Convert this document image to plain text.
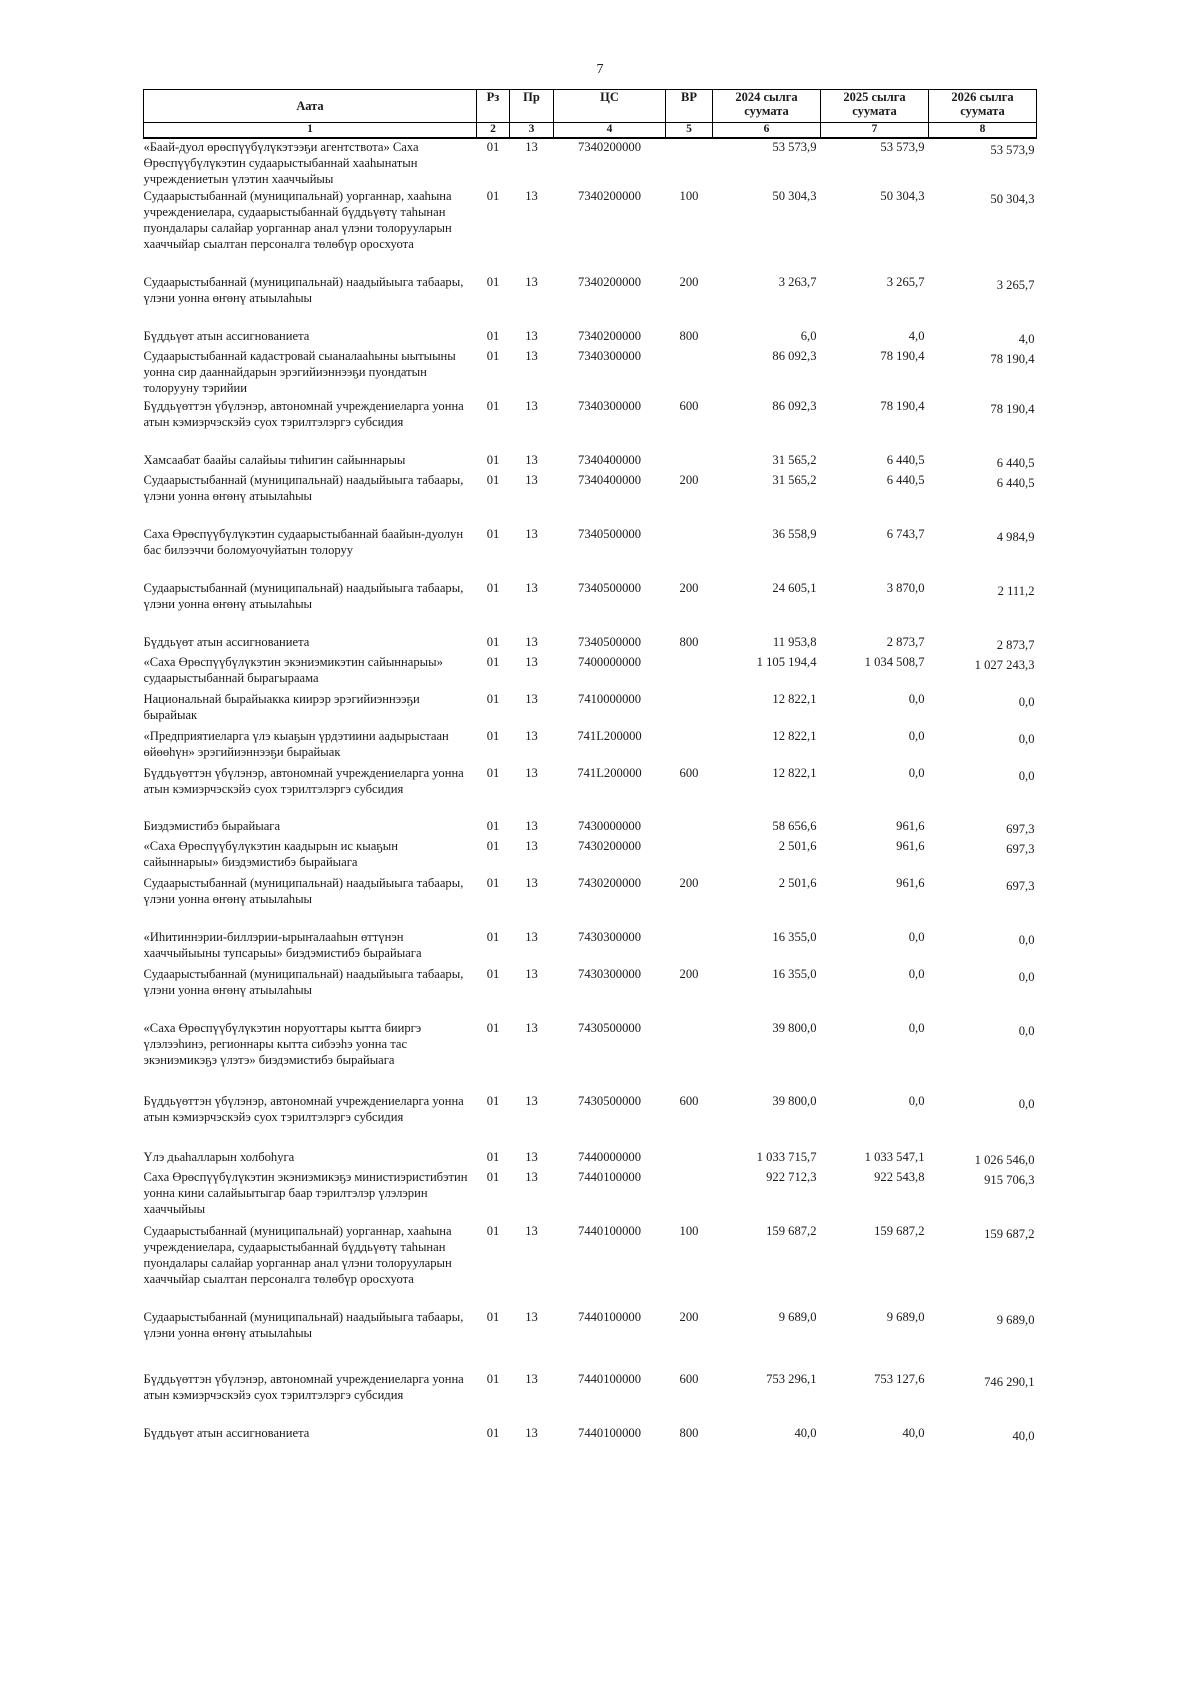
7
Аата	Рз	Пр	ЦС	ВР	2024 сылга суумата	2025 сылга суумата	2026 сылга суумата
1	2	3	4	5	6	7	8
«Баай-дуол өрөспүүбүлүкэтээҕи агентствота» Саха Өрөспүүбүлүкэтин судаарыстыбаннай хааһынатын учреждениетын үлэтин хааччыйыы	01	13	7340200000		53 573,9	53 573,9	53 573,9
Судаарыстыбаннай (муниципальнай) уорганнар, хааһына учреждениелара, судаарыстыбаннай бүддьүөтү таһынан пуондалары салайар уорганнар анал үлэни толорууларын хааччыйар сыалтан персоналга төлөбүр оросхуота	01	13	7340200000	100	50 304,3	50 304,3	50 304,3
Судаарыстыбаннай (муниципальнай) наадыйыыга табаары, үлэни уонна өҥөнү атыылаһыы	01	13	7340200000	200	3 263,7	3 265,7	3 265,7
Бүддьүөт атын ассигнованиета	01	13	7340200000	800	6,0	4,0	4,0
Судаарыстыбаннай кадастровай сыаналааһыны ыытыыны уонна сир дааннайдарын эрэгийиэннээҕи пуондатын толорууну тэрийии	01	13	7340300000		86 092,3	78 190,4	78 190,4
Бүддьүөттэн үбүлэнэр, автономнай учреждениеларга уонна атын кэмиэрчэскэйэ суох тэрилтэлэргэ субсидия	01	13	7340300000	600	86 092,3	78 190,4	78 190,4
Хамсаабат баайы салайыы тиһигин сайыннарыы	01	13	7340400000		31 565,2	6 440,5	6 440,5
Судаарыстыбаннай (муниципальнай) наадыйыыга табаары, үлэни уонна өҥөнү атыылаһыы	01	13	7340400000	200	31 565,2	6 440,5	6 440,5
Саха Өрөспүүбүлүкэтин судаарыстыбаннай баайын-дуолун бас билээччи боломуочуйатын толоруу	01	13	7340500000		36 558,9	6 743,7	4 984,9
Судаарыстыбаннай (муниципальнай) наадыйыыга табаары, үлэни уонна өҥөнү атыылаһыы	01	13	7340500000	200	24 605,1	3 870,0	2 111,2
Бүддьүөт атын ассигнованиета	01	13	7340500000	800	11 953,8	2 873,7	2 873,7
«Саха Өрөспүүбүлүкэтин экэниэмикэтин сайыннарыы» судаарыстыбаннай бырагыраама	01	13	7400000000		1 105 194,4	1 034 508,7	1 027 243,3
Национальнай бырайыакка киирэр эрэгийиэннээҕи бырайыак	01	13	7410000000		12 822,1	0,0	0,0
«Предприятиеларга үлэ кыаҕын үрдэтиини аадырыстаан өйөөһүн» эрэгийиэннээҕи бырайыак	01	13	741L200000		12 822,1	0,0	0,0
Бүддьүөттэн үбүлэнэр, автономнай учреждениеларга уонна атын кэмиэрчэскэйэ суох тэрилтэлэргэ субсидия	01	13	741L200000	600	12 822,1	0,0	0,0
Биэдэмистибэ бырайыага	01	13	7430000000		58 656,6	961,6	697,3
«Саха Өрөспүүбүлүкэтин каадырын ис кыаҕын сайыннарыы» биэдэмистибэ бырайыага	01	13	7430200000		2 501,6	961,6	697,3
Судаарыстыбаннай (муниципальнай) наадыйыыга табаары, үлэни уонна өҥөнү атыылаһыы	01	13	7430200000	200	2 501,6	961,6	697,3
«Иһитиннэрии-биллэрии-ырыҥалааһын өттүнэн хааччыйыыны тупсарыы» биэдэмистибэ бырайыага	01	13	7430300000		16 355,0	0,0	0,0
Судаарыстыбаннай (муниципальнай) наадыйыыга табаары, үлэни уонна өҥөнү атыылаһыы	01	13	7430300000	200	16 355,0	0,0	0,0
«Саха Өрөспүүбүлүкэтин норуоттары кытта бииргэ үлэлээһинэ, регионнары кытта сибээһэ уонна тас экэниэмикэҕэ үлэтэ» биэдэмистибэ бырайыага	01	13	7430500000		39 800,0	0,0	0,0
Бүддьүөттэн үбүлэнэр, автономнай учреждениеларга уонна атын кэмиэрчэскэйэ суох тэрилтэлэргэ субсидия	01	13	7430500000	600	39 800,0	0,0	0,0
Үлэ дьаһалларын холбоһуга	01	13	7440000000		1 033 715,7	1 033 547,1	1 026 546,0
Саха Өрөспүүбүлүкэтин экэниэмикэҕэ министиэристибэтин уонна кини салайыытыгар баар тэрилтэлэр үлэлэрин хааччыйыы	01	13	7440100000		922 712,3	922 543,8	915 706,3
Судаарыстыбаннай (муниципальнай) уорганнар, хааһына учреждениелара, судаарыстыбаннай бүддьүөтү таһынан пуондалары салайар уорганнар анал үлэни толорууларын хааччыйар сыалтан персоналга төлөбүр оросхуота	01	13	7440100000	100	159 687,2	159 687,2	159 687,2
Судаарыстыбаннай (муниципальнай) наадыйыыга табаары, үлэни уонна өҥөнү атыылаһыы	01	13	7440100000	200	9 689,0	9 689,0	9 689,0
Бүддьүөттэн үбүлэнэр, автономнай учреждениеларга уонна атын кэмиэрчэскэйэ суох тэрилтэлэргэ субсидия	01	13	7440100000	600	753 296,1	753 127,6	746 290,1
Бүддьүөт атын ассигнованиета	01	13	7440100000	800	40,0	40,0	40,0
